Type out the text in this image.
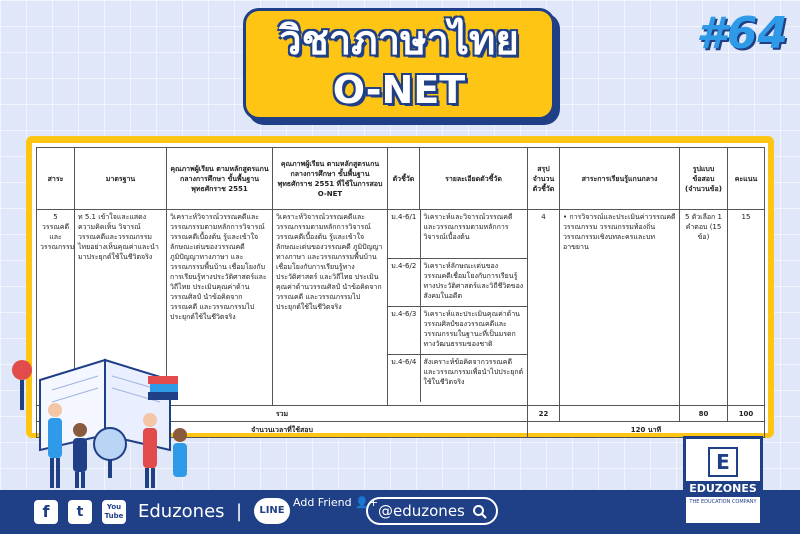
วิชาภาษาไทย
O-NET
#64
สาระ	มาตรฐาน	คุณภาพผู้เรียน ตามหลักสูตรแกนกลางการศึกษา ขั้นพื้นฐาน พุทธศักราช 2551	คุณภาพผู้เรียน ตามหลักสูตรแกนกลางการศึกษา ขั้นพื้นฐาน พุทธศักราช 2551 ที่ใช้ในการสอบ O-NET	ตัวชี้วัด	รายละเอียดตัวชี้วัด	สรุป จำนวน ตัวชี้วัด	สาระการเรียนรู้แกนกลาง	รูปแบบ ข้อสอบ (จำนวนข้อ)	คะแนน
5 วรรณคดีและวรรณกรรม	ท 5.1 เข้าใจและแสดงความคิดเห็น วิจารณ์วรรณคดีและวรรณกรรมไทยอย่างเห็นคุณค่าและนำมาประยุกต์ใช้ในชีวิตจริง	วิเคราะห์วิจารณ์วรรณคดีและวรรณกรรมตามหลักการวิจารณ์วรรณคดีเบื้องต้น รู้และเข้าใจลักษณะเด่นของวรรณคดี ภูมิปัญญาทางภาษา และวรรณกรรมพื้นบ้าน เชื่อมโยงกับการเรียนรู้ทางประวัติศาสตร์และวิถีไทย ประเมินคุณค่าด้านวรรณศิลป์ นำข้อคิดจากวรรณคดี และวรรณกรรมไปประยุกต์ใช้ในชีวิตจริง	วิเคราะห์วิจารณ์วรรณคดีและวรรณกรรมตามหลักการวิจารณ์วรรณคดีเบื้องต้น รู้และเข้าใจลักษณะเด่นของวรรณคดี ภูมิปัญญาทางภาษา และวรรณกรรมพื้นบ้าน เชื่อมโยงกับการเรียนรู้ทางประวัติศาสตร์ และวิถีไทย ประเมินคุณค่าด้านวรรณศิลป์ นำข้อคิดจากวรรณคดี และวรรณกรรมไปประยุกต์ใช้ในชีวิตจริง	
ม.4-6/1	วิเคราะห์และวิจารณ์วรรณคดีและวรรณกรรมตามหลักการวิจารณ์เบื้องต้น
ม.4-6/2	วิเคราะห์ลักษณะเด่นของวรรณคดีเชื่อมโยงกับการเรียนรู้ทางประวัติศาสตร์และวิถีชีวิตของสังคมในอดีต
ม.4-6/3	วิเคราะห์และประเมินคุณค่าด้านวรรณศิลป์ของวรรณคดีและวรรณกรรมในฐานะที่เป็นมรดกทางวัฒนธรรมของชาติ
ม.4-6/4	สังเคราะห์ข้อคิดจากวรรณคดีและวรรณกรรมเพื่อนำไปประยุกต์ใช้ในชีวิตจริง
	4	• การวิจารณ์และประเมินค่าวรรณคดี วรรณกรรม วรรณกรรมท้องถิ่น วรรณกรรมเชิงบทละครและบทอาขยาน	5 ตัวเลือก 1 คำตอบ (15 ข้อ)	15
รวม	22		80	100
จำนวนเวลาที่ใช้สอบ	120 นาที
f	t	You Tube Eduzones |	LINE
Add Friend 👤+ @eduzones
E
EDUZONES
THE EDUCATION COMPANY
